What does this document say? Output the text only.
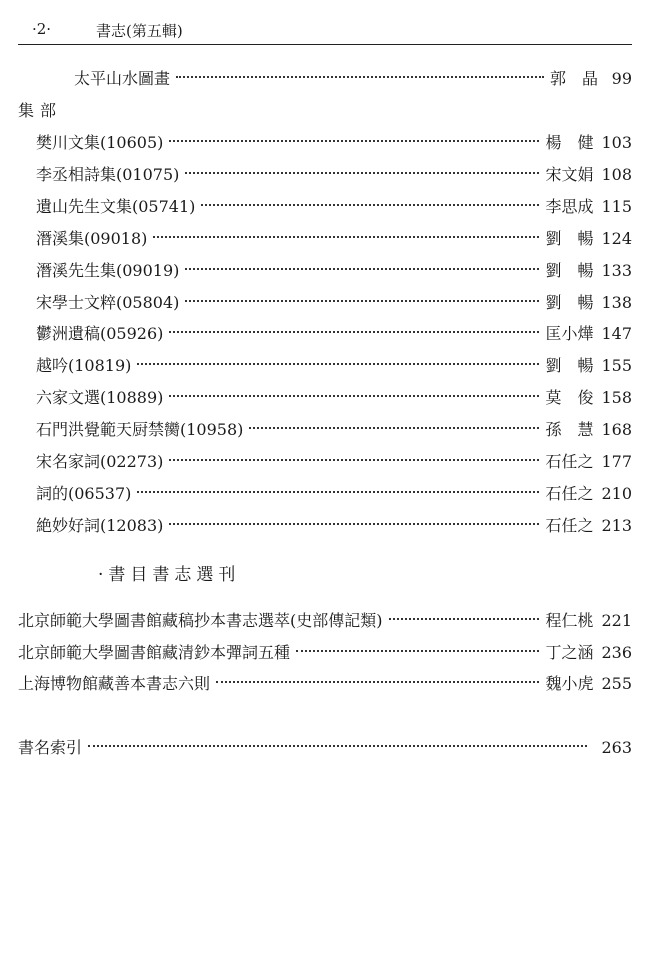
·2·	書志(第五輯)
太平山水圖畫	郭　晶 99
集部
樊川文集(10605)	楊　健 103
李丞相詩集(01075)	宋文娟 108
遺山先生文集(05741)	李思成 115
潛溪集(09018)	劉　暢 124
潛溪先生集(09019)	劉　暢 133
宋學士文粹(05804)	劉　暢 138
鬱洲遺稿(05926)	匡小燁 147
越吟(10819)	劉　暢 155
六家文選(10889)	莫　俊 158
石門洪覺範天厨禁臠(10958)	孫　慧 168
宋名家詞(02273)	石任之 177
詞的(06537)	石任之 210
絶妙好詞(12083)	石任之 213
·書目書志選刊
北京師範大學圖書館藏稿抄本書志選萃(史部傳記類)	程仁桃 221
北京師範大學圖書館藏清鈔本彈詞五種	丁之涵 236
上海博物館藏善本書志六則	魏小虎 255
書名索引	263
